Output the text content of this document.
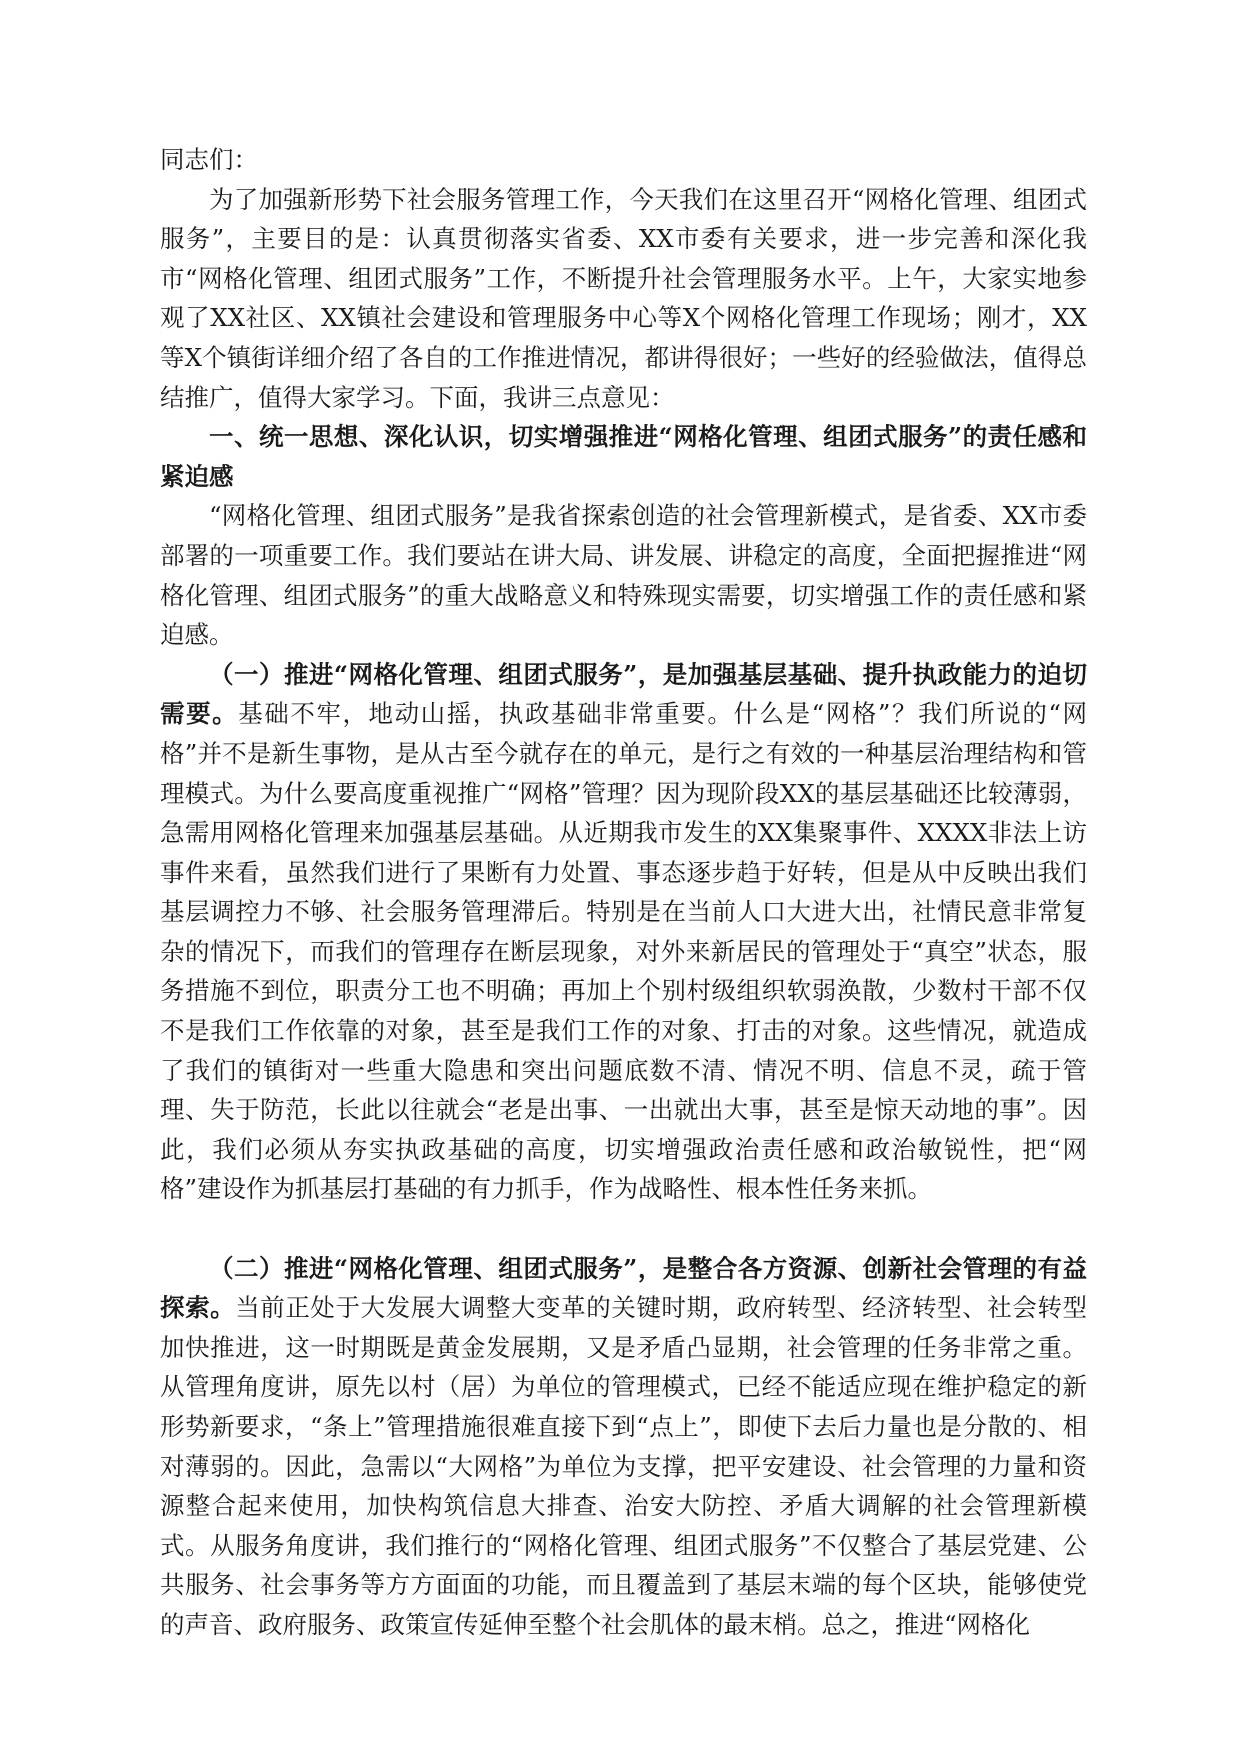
同志们：

为了加强新形势下社会服务管理工作，今天我们在这里召开“网格化管理、组团式服务”，主要目的是：认真贯彻落实省委、XX市委有关要求，进一步完善和深化我市“网格化管理、组团式服务”工作，不断提升社会管理服务水平。上午，大家实地参观了XX社区、XX镇社会建设和管理服务中心等X个网格化管理工作现场；刚才，XX等X个镇街详细介绍了各自的工作推进情况，都讲得很好；一些好的经验做法，值得总结推广，值得大家学习。下面，我讲三点意见：

一、统一思想、深化认识，切实增强推进“网格化管理、组团式服务”的责任感和紧迫感

“网格化管理、组团式服务”是我省探索创造的社会管理新模式，是省委、XX市委部署的一项重要工作。我们要站在讲大局、讲发展、讲稳定的高度，全面把握推进“网格化管理、组团式服务”的重大战略意义和特殊现实需要，切实增强工作的责任感和紧迫感。

（一）推进“网格化管理、组团式服务”，是加强基层基础、提升执政能力的迫切需要。基础不牢，地动山摇，执政基础非常重要。什么是“网格”？我们所说的“网格”并不是新生事物，是从古至今就存在的单元，是行之有效的一种基层治理结构和管理模式。为什么要高度重视推广“网格”管理？因为现阶段XX的基层基础还比较薄弱，急需用网格化管理来加强基层基础。从近期我市发生的XX集聚事件、XXXX非法上访事件来看，虽然我们进行了果断有力处置、事态逐步趋于好转，但是从中反映出我们基层调控力不够、社会服务管理滞后。特别是在当前人口大进大出，社情民意非常复杂的情况下，而我们的管理存在断层现象，对外来新居民的管理处于“真空”状态，服务措施不到位，职责分工也不明确；再加上个别村级组织软弱涣散，少数村干部不仅不是我们工作依靠的对象，甚至是我们工作的对象、打击的对象。这些情况，就造成了我们的镇街对一些重大隐患和突出问题底数不清、情况不明、信息不灵，疏于管理、失于防范，长此以往就会“老是出事、一出就出大事，甚至是惊天动地的事”。因此，我们必须从夯实执政基础的高度，切实增强政治责任感和政治敏锐性，把“网格”建设作为抓基层打基础的有力抓手，作为战略性、根本性任务来抓。

（二）推进“网格化管理、组团式服务”，是整合各方资源、创新社会管理的有益探索。当前正处于大发展大调整大变革的关键时期，政府转型、经济转型、社会转型加快推进，这一时期既是黄金发展期，又是矛盾凸显期，社会管理的任务非常之重。从管理角度讲，原先以村（居）为单位的管理模式，已经不能适应现在维护稳定的新形势新要求，“条上”管理措施很难直接下到“点上”，即使下去后力量也是分散的、相对薄弱的。因此，急需以“大网格”为单位为支撑，把平安建设、社会管理的力量和资源整合起来使用，加快构筑信息大排查、治安大防控、矛盾大调解的社会管理新模式。从服务角度讲，我们推行的“网格化管理、组团式服务”不仅整合了基层党建、公共服务、社会事务等方方面面的功能，而且覆盖到了基层末端的每个区块，能够使党的声音、政府服务、政策宣传延伸至整个社会肌体的最末梢。总之，推进“网格化
